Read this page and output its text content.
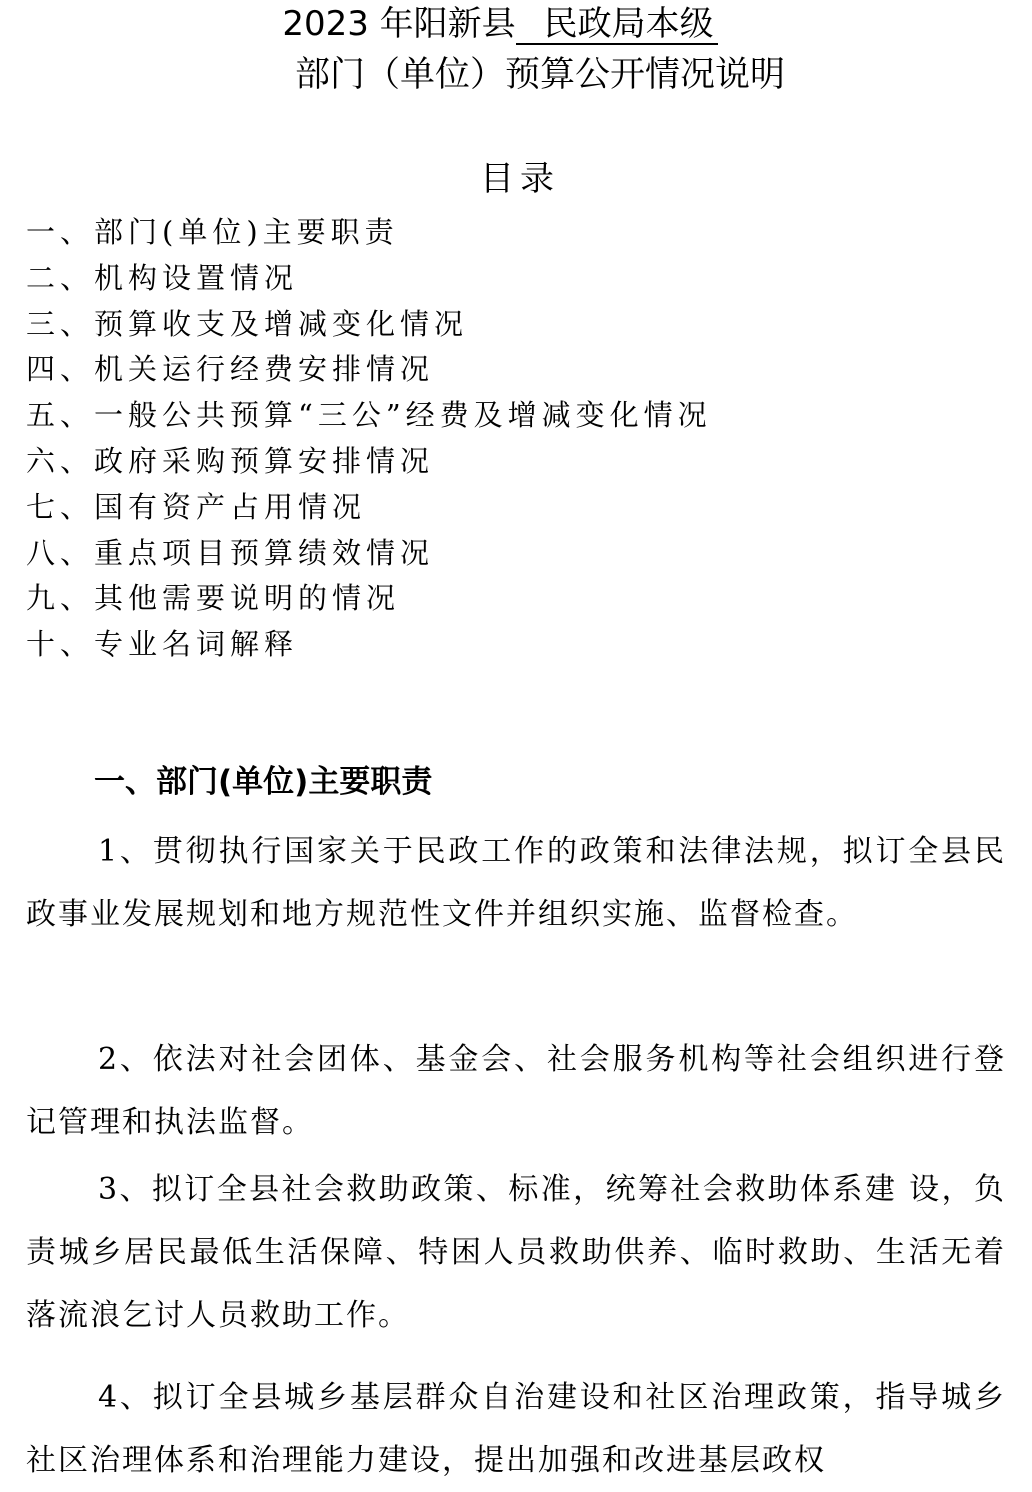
2023 年阳新县 民政局本级
部门（单位）预算公开情况说明
目录
一、部门(单位)主要职责
二、机构设置情况
三、预算收支及增减变化情况
四、机关运行经费安排情况
五、一般公共预算“三公”经费及增减变化情况
六、政府采购预算安排情况
七、国有资产占用情况
八、重点项目预算绩效情况
九、其他需要说明的情况
十、专业名词解释
一、部门(单位)主要职责

1、贯彻执行国家关于民政工作的政策和法律法规，拟订全县民政事业发展规划和地方规范性文件并组织实施、监督检查。

2、依法对社会团体、基金会、社会服务机构等社会组织进行登记管理和执法监督。

3、拟订全县社会救助政策、标准，统筹社会救助体系建 设，负责城乡居民最低生活保障、特困人员救助供养、临时救助、生活无着落流浪乞讨人员救助工作。

4、拟订全县城乡基层群众自治建设和社区治理政策，指导城乡社区治理体系和治理能力建设，提出加强和改进基层政权
